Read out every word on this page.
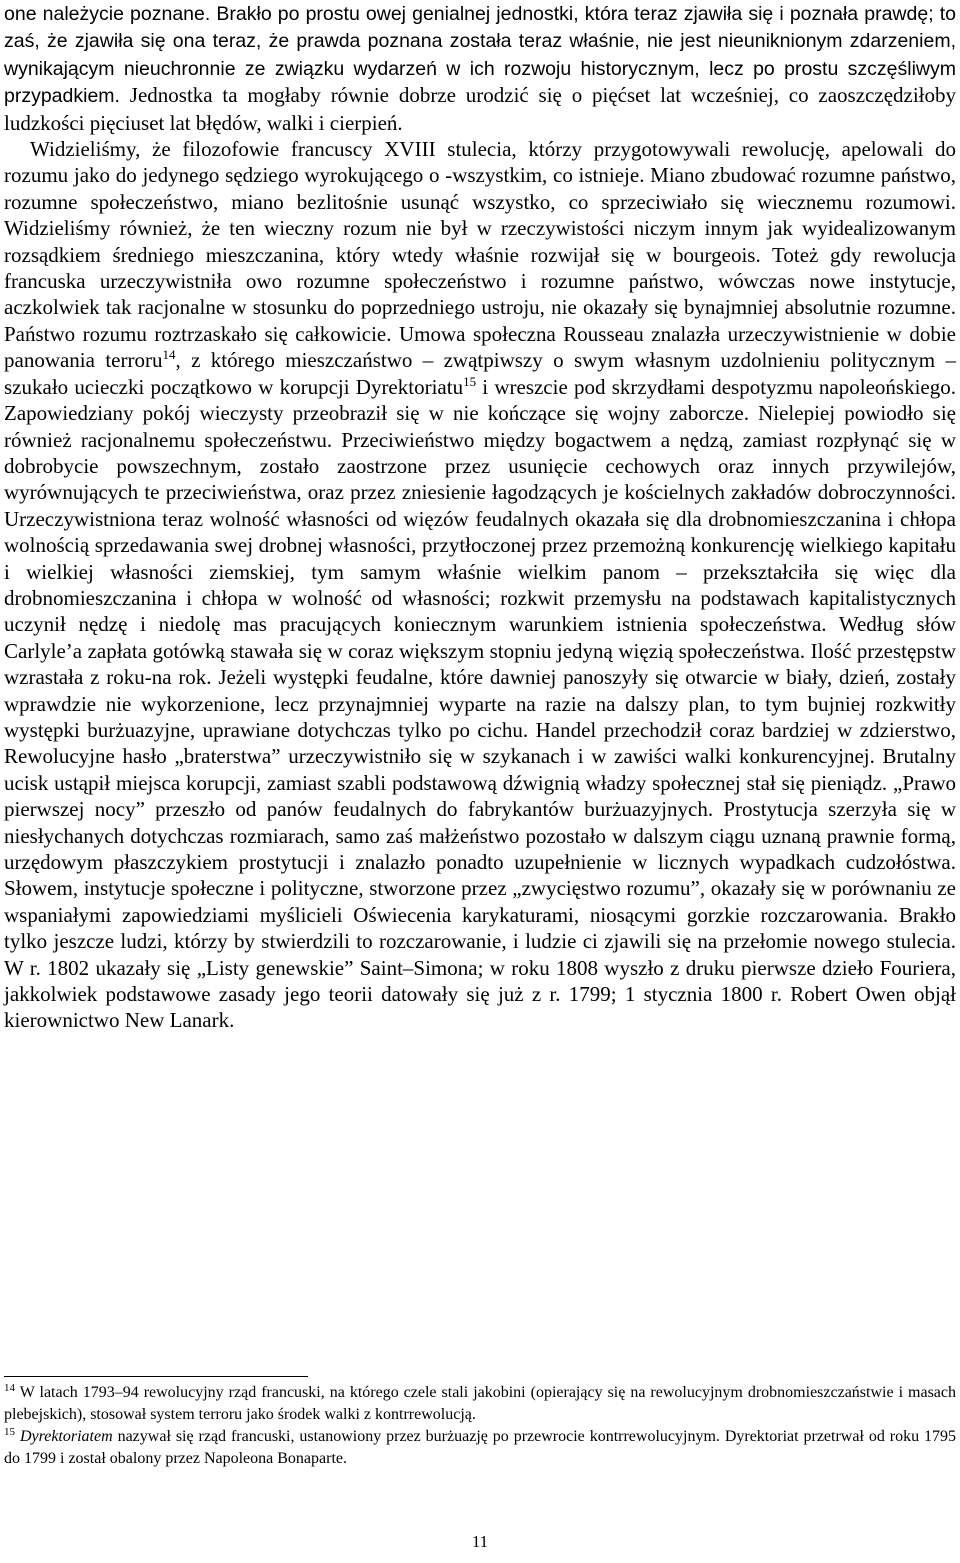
one należycie poznane. Brakło po prostu owej genialnej jednostki, która teraz zjawiła się i poznała prawdę; to zaś, że zjawiła się ona teraz, że prawda poznana została teraz właśnie, nie jest nieuniknionym zdarzeniem, wynikającym nieuchronnie ze związku wydarzeń w ich rozwoju historycznym, lecz po prostu szczęśliwym przypadkiem. Jednostka ta mogłaby równie dobrze urodzić się o pięćset lat wcześniej, co zaoszczędziłoby ludzkości pięciuset lat błędów, walki i cierpień.

Widzieliśmy, że filozofowie francuscy XVIII stulecia, którzy przygotowywali rewolucję, apelowali do rozumu jako do jedynego sędziego wyrokującego o -wszystkim, co istnieje. Miano zbudować rozumne państwo, rozumne społeczeństwo, miano bezlitośnie usunąć wszystko, co sprzeciwiało się wiecznemu rozumowi. Widzieliśmy również, że ten wieczny rozum nie był w rzeczywistości niczym innym jak wyidealizowanym rozsądkiem średniego mieszczanina, który wtedy właśnie rozwijał się w bourgeois. Toteż gdy rewolucja francuska urzeczywistniła owo rozumne społeczeństwo i rozumne państwo, wówczas nowe instytucje, aczkolwiek tak racjonalne w stosunku do poprzedniego ustroju, nie okazały się bynajmniej absolutnie rozumne. Państwo rozumu roztrzaskało się całkowicie. Umowa społeczna Rousseau znalazła urzeczywistnienie w dobie panowania terroru$^{14}$, z którego mieszczaństwo – zwątpiwszy o swym własnym uzdolnieniu politycznym – szukało ucieczki początkowo w korupcji Dyrektoriatu$^{15}$ i wreszcie pod skrzydłami despotyzmu napoleońskiego. Zapowiedziany pokój wieczysty przeobraził się w nie kończące się wojny zaborcze. Nielepiej powiodło się również racjonalnemu społeczeństwu. Przeciwieństwo między bogactwem a nędzą, zamiast rozpłynąć się w dobrobycie powszechnym, zostało zaostrzone przez usunięcie cechowych oraz innych przywilejów, wyrównujących te przeciwieństwa, oraz przez zniesienie łagodzących je kościelnych zakładów dobroczynności. Urzeczywistniona teraz wolność własności od więzów feudalnych okazała się dla drobnomieszczanina i chłopa wolnością sprzedawania swej drobnej własności, przytłoczonej przez przemożną konkurencję wielkiego kapitału i wielkiej własności ziemskiej, tym samym właśnie wielkim panom – przekształciła się więc dla drobnomieszczanina i chłopa w wolność od własności; rozkwit przemysłu na podstawach kapitalistycznych uczynił nędzę i niedolę mas pracujących koniecznym warunkiem istnienia społeczeństwa. Według słów Carlyle’a zapłata gotówką stawała się w coraz większym stopniu jedyną więzią społeczeństwa. Ilość przestępstw wzrastała z roku-na rok. Jeżeli występki feudalne, które dawniej panoszyły się otwarcie w biały, dzień, zostały wprawdzie nie wykorzenione, lecz przynajmniej wyparte na razie na dalszy plan, to tym bujniej rozkwitły występki burżuazyjne, uprawiane dotychczas tylko po cichu. Handel przechodził coraz bardziej w zdzierstwo, Rewolucyjne hasło „braterstwa” urzeczywistniło się w szykanach i w zawiści walki konkurencyjnej. Brutalny ucisk ustąpił miejsca korupcji, zamiast szabli podstawową dźwignią władzy społecznej stał się pieniądz. „Prawo pierwszej nocy” przeszło od panów feudalnych do fabrykantów burżuazyjnych. Prostytucja szerzyła się w niesłychanych dotychczas rozmiarach, samo zaś małżeństwo pozostało w dalszym ciągu uznaną prawnie formą, urzędowym płaszczykiem prostytucji i znalazło ponadto uzupełnienie w licznych wypadkach cudzołóstwa. Słowem, instytucje społeczne i polityczne, stworzone przez „zwycięstwo rozumu”, okazały się w porównaniu ze wspaniałymi zapowiedziami myślicieli Oświecenia karykaturami, niosącymi gorzkie rozczarowania. Brakło tylko jeszcze ludzi, którzy by stwierdzili to rozczarowanie, i ludzie ci zjawili się na przełomie nowego stulecia. W r. 1802 ukazały się „Listy genewskie” Saint–Simona; w roku 1808 wyszło z druku pierwsze dzieło Fouriera, jakkolwiek podstawowe zasady jego teorii datowały się już z r. 1799; 1 stycznia 1800 r. Robert Owen objął kierownictwo New Lanark.

$^{14}$ W latach 1793–94 rewolucyjny rząd francuski, na którego czele stali jakobini (opierający się na rewolucyjnym drobnomieszczaństwie i masach plebejskich), stosował system terroru jako środek walki z kontrrewolucją.

$^{15}$ Dyrektoriatem nazywał się rząd francuski, ustanowiony przez burżuazję po przewrocie kontrrewolucyjnym. Dyrektoriat przetrwał od roku 1795 do 1799 i został obalony przez Napoleona Bonaparte.

11
